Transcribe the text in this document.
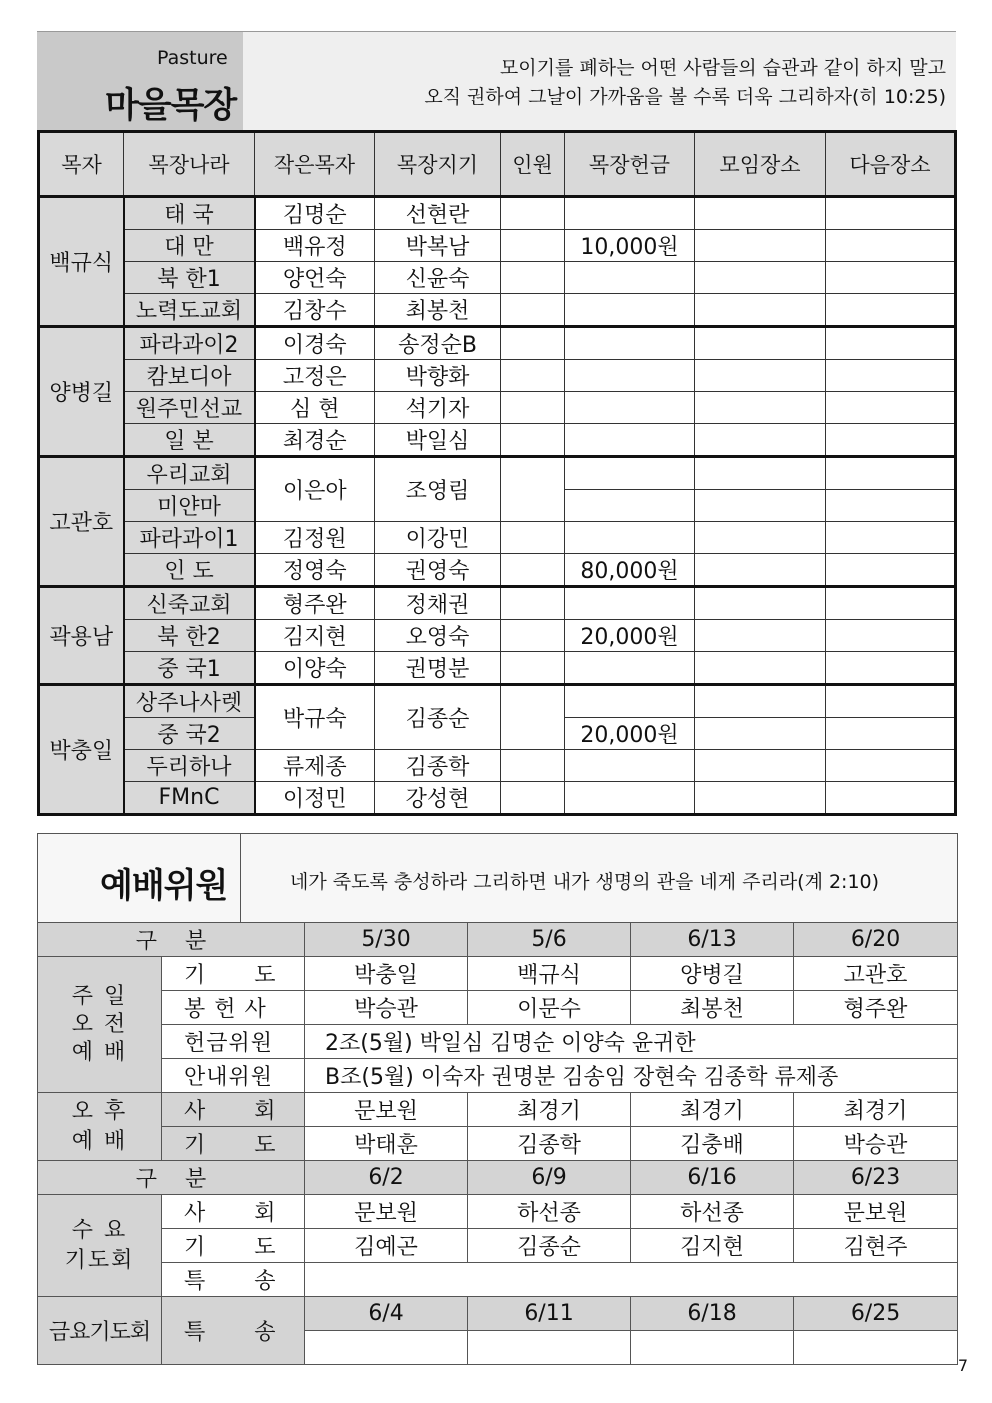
Pasture
마을목장
모이기를 폐하는 어떤 사람들의 습관과 같이 하지 말고
오직 권하여 그날이 가까움을 볼 수록 더욱 그리하자(히 10:25)
목자	목장나라	작은목자	목장지기	인원	목장헌금	모임장소	다음장소
백규식	태 국	김명순	선현란				
	대 만	백유정	박복남		10,000원		
	북 한1	양언숙	신윤숙				
	노력도교회	김창수	최봉천				
양병길	파라과이2	이경숙	송정순B				
	캄보디아	고정은	박향화				
	원주민선교	심 현	석기자				
	일 본	최경순	박일심				
고관호	우리교회	이은아	조영림				
	미얀마						
	파라과이1	김정원	이강민				
	인 도	정영숙	권영숙		80,000원		
곽용남	신죽교회	형주완	정채권				
	북 한2	김지현	오영숙		20,000원		
	중 국1	이양숙	권명분				
박충일	상주나사렛	박규숙	김종순				
	중 국2				20,000원		
	두리하나	류제종	김종학				
	FMnC	이정민	강성현				
예배위원	네가 죽도록 충성하라 그리하면 내가 생명의 관을 네게 주리라(계 2:10)
구    분		5/30	5/6	6/13	6/20
주 일
오 전
예 배	기      도	박충일	백규식	양병길	고관호
	봉 헌 사	박승관	이문수	최봉천	형주완
	헌금위원	2조(5월) 박일심 김명순 이양숙 윤귀한			
	안내위원	B조(5월) 이숙자 권명분 김송임 장현숙 김종학 류제종			
오 후
예 배	사      회	문보원	최경기	최경기	최경기
	기      도	박태훈	김종학	김충배	박승관
구    분		6/2	6/9	6/16	6/23
수 요
기도회	사      회	문보원	하선종	하선종	문보원
	기      도	김예곤	김종순	김지현	김현주
	특      송				
금요기도회	특      송	6/4	6/11	6/18	6/25

7
